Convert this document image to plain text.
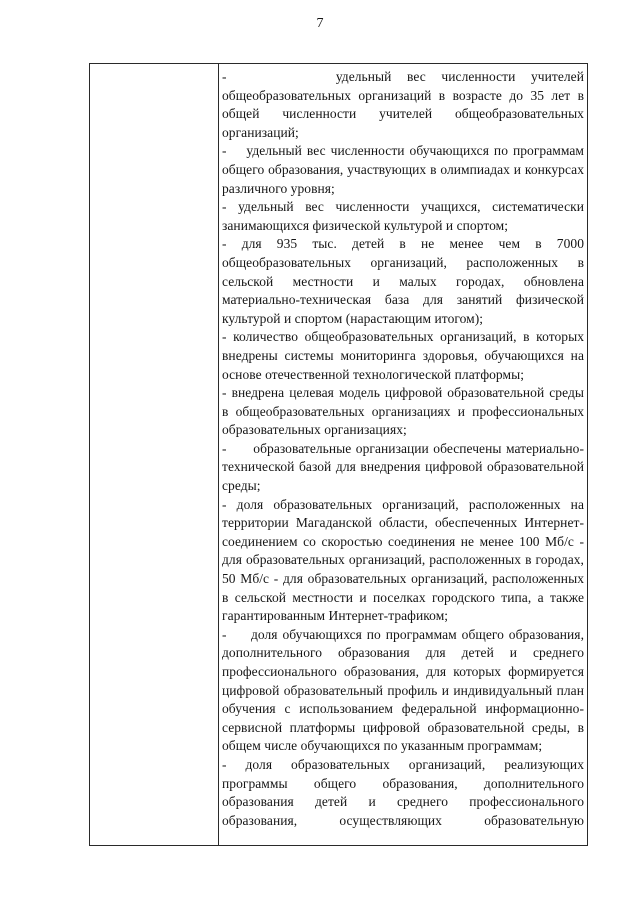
7

-       удельный вес численности учителей общеобразовательных организаций в возрасте до 35 лет в общей численности учителей общеобразовательных организаций;

-    удельный вес численности обучающихся по программам общего образования, участвующих в олимпиадах и конкурсах различного уровня;

- удельный вес численности учащихся, систематически занимающихся физической культурой и спортом;

- для 935 тыс. детей в не менее чем в 7000 общеобразовательных организаций, расположенных в сельской местности и малых городах, обновлена материально-техническая база для занятий физической культурой и спортом (нарастающим итогом);

- количество общеобразовательных организаций, в которых внедрены системы мониторинга здоровья, обучающихся на основе отечественной технологической платформы;

- внедрена целевая модель цифровой образовательной среды в общеобразовательных организациях и профессиональных образовательных организациях;

-      образовательные организации обеспечены материально-технической базой для внедрения цифровой образовательной среды;

- доля образовательных организаций, расположенных на территории Магаданской области, обеспеченных Интернет-соединением со скоростью соединения не менее 100 Мб/с - для образовательных организаций, расположенных в городах, 50 Мб/с - для образовательных организаций, расположенных в сельской местности и поселках городского типа, а также гарантированным Интернет-трафиком;

-     доля обучающихся по программам общего образования, дополнительного образования для детей и среднего профессионального образования, для которых формируется цифровой образовательный профиль и индивидуальный план обучения с использованием федеральной информационно-сервисной платформы цифровой образовательной среды, в общем числе обучающихся по указанным программам;

- доля образовательных организаций, реализующих программы общего образования, дополнительного образования детей и среднего профессионального образования, осуществляющих образовательную
